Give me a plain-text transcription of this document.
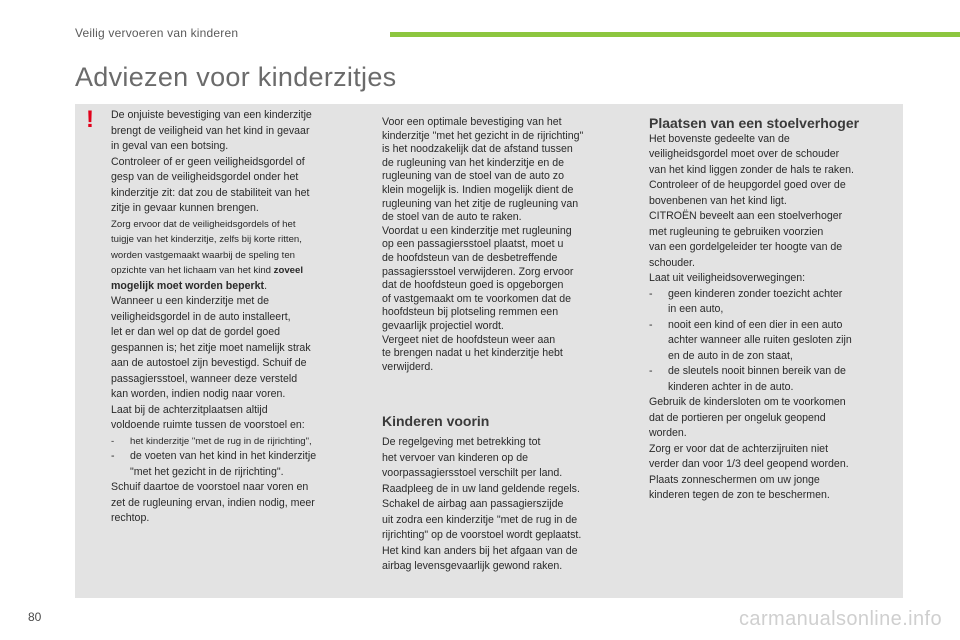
Veilig vervoeren van kinderen
Adviezen voor kinderzitjes
! De onjuiste bevestiging van een kinderzitje

brengt de veiligheid van het kind in gevaar

in geval van een botsing.

Controleer of er geen veiligheidsgordel of

gesp van de veiligheidsgordel onder het

kinderzitje zit: dat zou de stabiliteit van het

zitje in gevaar kunnen brengen.

Zorg ervoor dat de veiligheidsgordels of het

tuigje van het kinderzitje, zelfs bij korte ritten,

worden vastgemaakt waarbij de speling ten

opzichte van het lichaam van het kind zoveel

mogelijk moet worden beperkt.

Wanneer u een kinderzitje met de

veiligheidsgordel in de auto installeert,

let er dan wel op dat de gordel goed

gespannen is; het zitje moet namelijk strak

aan de autostoel zijn bevestigd. Schuif de

passagiersstoel, wanneer deze versteld

kan worden, indien nodig naar voren.

Laat bij de achterzitplaatsen altijd

voldoende ruimte tussen de voorstoel en:

- het kinderzitje "met de rug in de rijrichting",

- de voeten van het kind in het kinderzitje

"met het gezicht in de rijrichting".

Schuif daartoe de voorstoel naar voren en

zet de rugleuning ervan, indien nodig, meer

rechtop.

Voor een optimale bevestiging van het

kinderzitje "met het gezicht in de rijrichting"

is het noodzakelijk dat de afstand tussen

de rugleuning van het kinderzitje en de

rugleuning van de stoel van de auto zo

klein mogelijk is. Indien mogelijk dient de

rugleuning van het zitje de rugleuning van

de stoel van de auto te raken.

Voordat u een kinderzitje met rugleuning

op een passagiersstoel plaatst, moet u

de hoofdsteun van de desbetreffende

passagiersstoel verwijderen. Zorg ervoor

dat de hoofdsteun goed is opgeborgen

of vastgemaakt om te voorkomen dat de

hoofdsteun bij plotseling remmen een

gevaarlijk projectiel wordt.

Vergeet niet de hoofdsteun weer aan

te brengen nadat u het kinderzitje hebt

verwijderd.

Kinderen voorin

De regelgeving met betrekking tot

het vervoer van kinderen op de

voorpassagiersstoel verschilt per land.

Raadpleeg de in uw land geldende regels.

Schakel de airbag aan passagierszijde

uit zodra een kinderzitje "met de rug in de

rijrichting" op de voorstoel wordt geplaatst.

Het kind kan anders bij het afgaan van de

airbag levensgevaarlijk gewond raken.

Plaatsen van een stoelverhoger

Het bovenste gedeelte van de

veiligheidsgordel moet over de schouder

van het kind liggen zonder de hals te raken.

Controleer of de heupgordel goed over de

bovenbenen van het kind ligt.

CITROËN beveelt aan een stoelverhoger

met rugleuning te gebruiken voorzien

van een gordelgeleider ter hoogte van de

schouder.

Laat uit veiligheidsoverwegingen:

- geen kinderen zonder toezicht achter

in een auto,

- nooit een kind of een dier in een auto

achter wanneer alle ruiten gesloten zijn

en de auto in de zon staat,

- de sleutels nooit binnen bereik van de

kinderen achter in de auto.

Gebruik de kindersloten om te voorkomen

dat de portieren per ongeluk geopend

worden.

Zorg er voor dat de achterzijruiten niet

verder dan voor 1/3 deel geopend worden.

Plaats zonneschermen om uw jonge

kinderen tegen de zon te beschermen.

80	carmanualsonline.info
